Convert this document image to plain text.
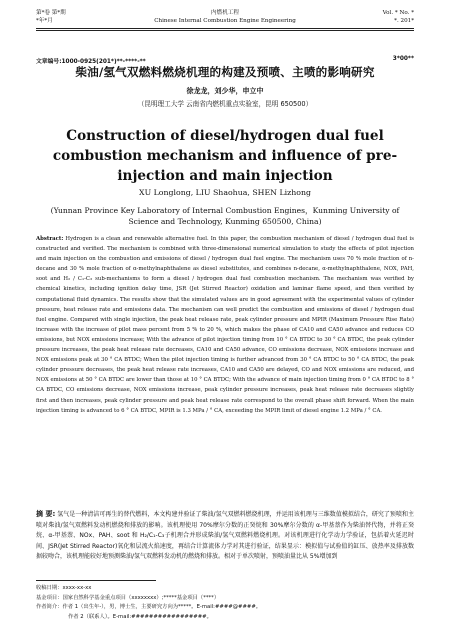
第*卷 第*期
*年*月
内燃机工程
Chinese Internal Combustion Engine Engineering
Vol. * No. *
*. 201*
文章编号:1000-0925(201*)**-****-**	3*00**
柴油/氢气双燃料燃烧机理的构建及预喷、主喷的影响研究
徐龙龙，刘少华，申立中
（昆明理工大学 云南省内燃机重点实验室，昆明 650500）
Construction of diesel/hydrogen dual fuel combustion mechanism and influence of pre-injection and main injection
XU Longlong, LIU Shaohua, SHEN Lizhong
(Yunnan Province Key Laboratory of Internal Combustion Engines，Kunming University of Science and Technology, Kunming 650500, China)
Abstract: Hydrogen is a clean and renewable alternative fuel. In this paper, the combustion mechanism of diesel / hydrogen dual fuel is constructed and verified. The mechanism is combined with three-dimensional numerical simulation to study the effects of pilot injection and main injection on the combustion and emissions of diesel / hydrogen dual fuel engine. The mechanism uses 70 % mole fraction of n-decane and 30 % mole fraction of α-methylnaphthalene as diesel substitutes, and combines n-decane, α-methylnaphthalene, NOX, PAH, soot and H₂ / C₁-C₃ sub-mechanisms to form a diesel / hydrogen dual fuel combustion mechanism. The mechanism was verified by chemical kinetics, including ignition delay time, JSR (Jet Stirred Reactor) oxidation and laminar flame speed, and then verified by computational fluid dynamics. The results show that the simulated values are in good agreement with the experimental values of cylinder pressure, heat release rate and emissions data. The mechanism can well predict the combustion and emissions of diesel / hydrogen dual fuel engine. Compared with single injection, the peak heat release rate, peak cylinder pressure and MPIR (Maximum Pressure Rise Rate) increase with the increase of pilot mass percent from 5 % to 20 %, which makes the phase of CA10 and CA50 advance and reduces CO emissions, but NOX emissions increase; With the advance of pilot injection timing from 10 ° CA BTDC to 30 ° CA BTDC, the peak cylinder pressure increases, the peak heat release rate decreases, CA10 and CA50 advance, CO emissions decrease, NOX emissions increase and NOX emissions peak at 30 ° CA BTDC; When the pilot injection timing is further advanced from 30 ° CA BTDC to 50 ° CA BTDC, the peak cylinder pressure decreases, the peak heat release rate increases, CA10 and CA50 are delayed, CO and NOX emissions are reduced, and NOX emissions at 50 ° CA BTDC are lower than those at 10 ° CA BTDC; With the advance of main injection timing from 0 ° CA BTDC to 8 ° CA BTDC, CO emissions decrease, NOX emissions increase, peak cylinder pressure increases, peak heat release rate decreases slightly first and then increases, peak cylinder pressure and peak heat release rate correspond to the overall phase shift forward. When the main injection timing is advanced to 6 ° CA BTDC, MPIR is 1.3 MPa / ° CA, exceeding the MPIR limit of diesel engine 1.2 MPa / ° CA.
摘 要: 氢气是一种清洁可再生的替代燃料，本文构建并验证了柴油/氢气双燃料燃烧机理，并运用该机理与三维数值模拟结合，研究了预喷和主喷对柴油/氢气双燃料发动机燃烧和排放的影响。该机理使用 70%摩尔分数的正癸烷和 30%摩尔分数的 α-甲基萘作为柴油替代物，并将正癸烷、α-甲基萘、NOx、PAH、soot 和 H₂/C₁-C₃子机理合并形成柴油/氢气双燃料燃烧机理。对该机理进行化学动力学验证，包括着火延迟时间、JSR(Jet Stirred Reactor)氧化和层流火焰速度，再结合计算流体力学对其进行验证，结果显示：模拟值与试验值的缸压、放热率及排放数据较吻合，该机理能较好地预测柴油/氢气双燃料发动机的燃烧和排放。相对于单次喷射，预喷油量比从 5%增加到
收稿日期：xxxx-xx-xx
基金项目：国家自然科学基金重点项目（xxxxxxxx）;*****基金项目（****）
作者简介：作者 1（出生年-），男，博士生，主要研究方向为*****。E-mail:####@####。
作者 2（联系人）。E-mail:#################。
